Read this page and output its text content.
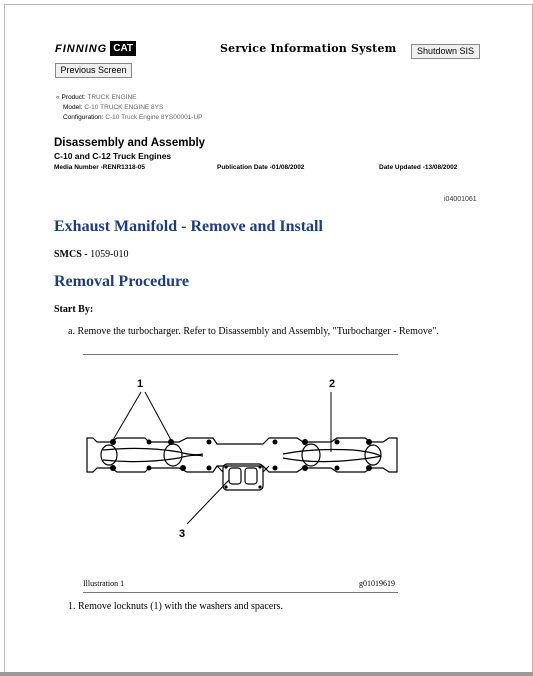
FINNING CAT	Service Information System	Shutdown SIS
Previous Screen
« Product: TRUCK ENGINE
Model: C-10 TRUCK ENGINE 8YS
Configuration: C-10 Truck Engine 8YS00001-UP
Disassembly and Assembly
C-10 and C-12 Truck Engines
Media Number -RENR1318-05	Publication Date -01/08/2002	Date Updated -13/08/2002
i04001061
Exhaust Manifold - Remove and Install
SMCS - 1059-010
Removal Procedure
Start By:
a. Remove the turbocharger. Refer to Disassembly and Assembly, "Turbocharger - Remove".
1	2
3
Illustration 1	g01019619
1. Remove locknuts (1) with the washers and spacers.
